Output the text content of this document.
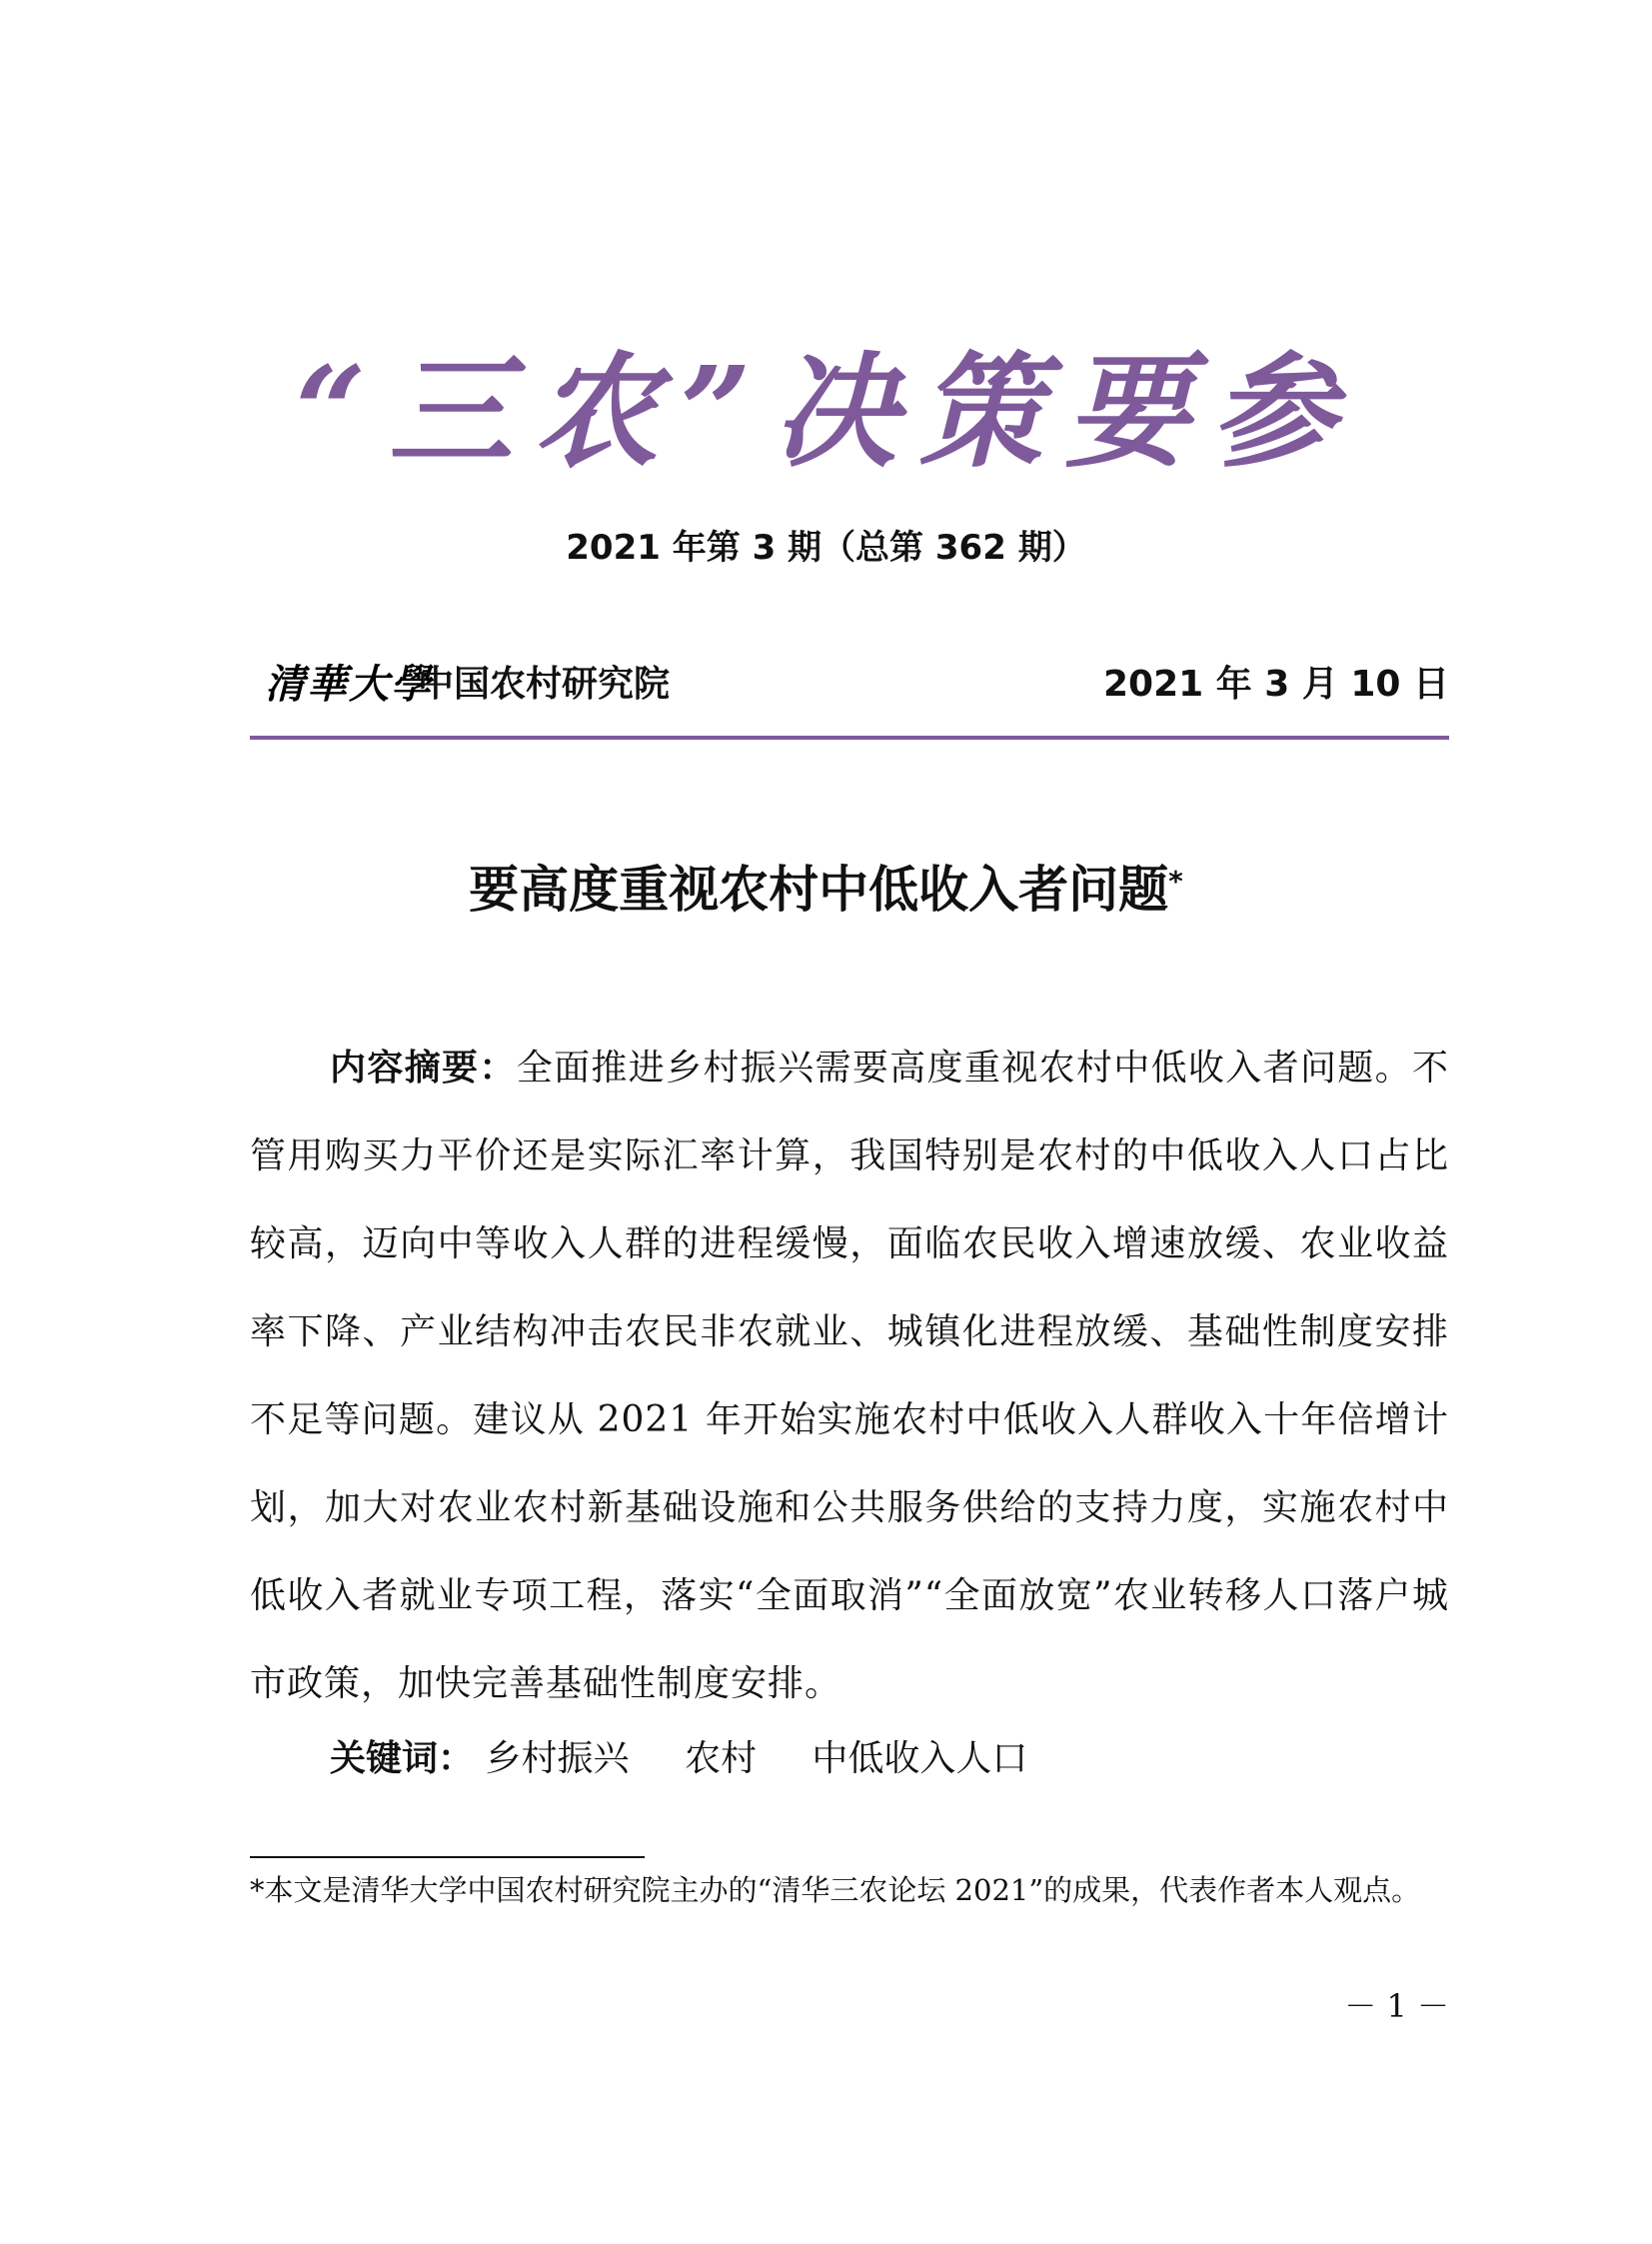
“三农”决策要参
2021 年第 3 期（总第 362 期）
清華大學
中国农村研究院	2021 年 3 月 10 日
要高度重视农村中低收入者问题*

内容摘要：全面推进乡村振兴需要高度重视农村中低收入者问题。不管用购买力平价还是实际汇率计算，我国特别是农村的中低收入人口占比较高，迈向中等收入人群的进程缓慢，面临农民收入增速放缓、农业收益率下降、产业结构冲击农民非农就业、城镇化进程放缓、基础性制度安排不足等问题。建议从 2021 年开始实施农村中低收入人群收入十年倍增计划，加大对农业农村新基础设施和公共服务供给的支持力度，实施农村中低收入者就业专项工程，落实“全面取消”“全面放宽”农业转移人口落户城市政策，加快完善基础性制度安排。

关键词： 乡村振兴 农村 中低收入人口

*本文是清华大学中国农村研究院主办的“清华三农论坛 2021”的成果，代表作者本人观点。

－ 1 －
